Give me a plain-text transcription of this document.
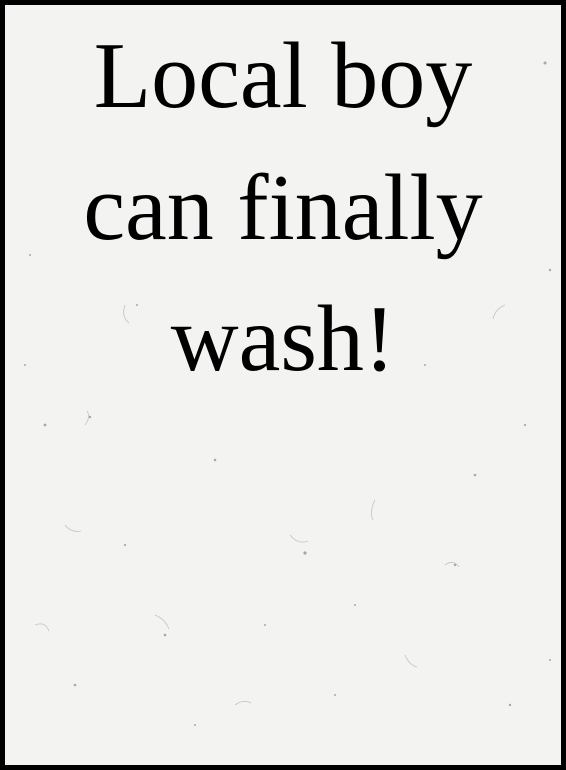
Local boy
can finally
wash!
